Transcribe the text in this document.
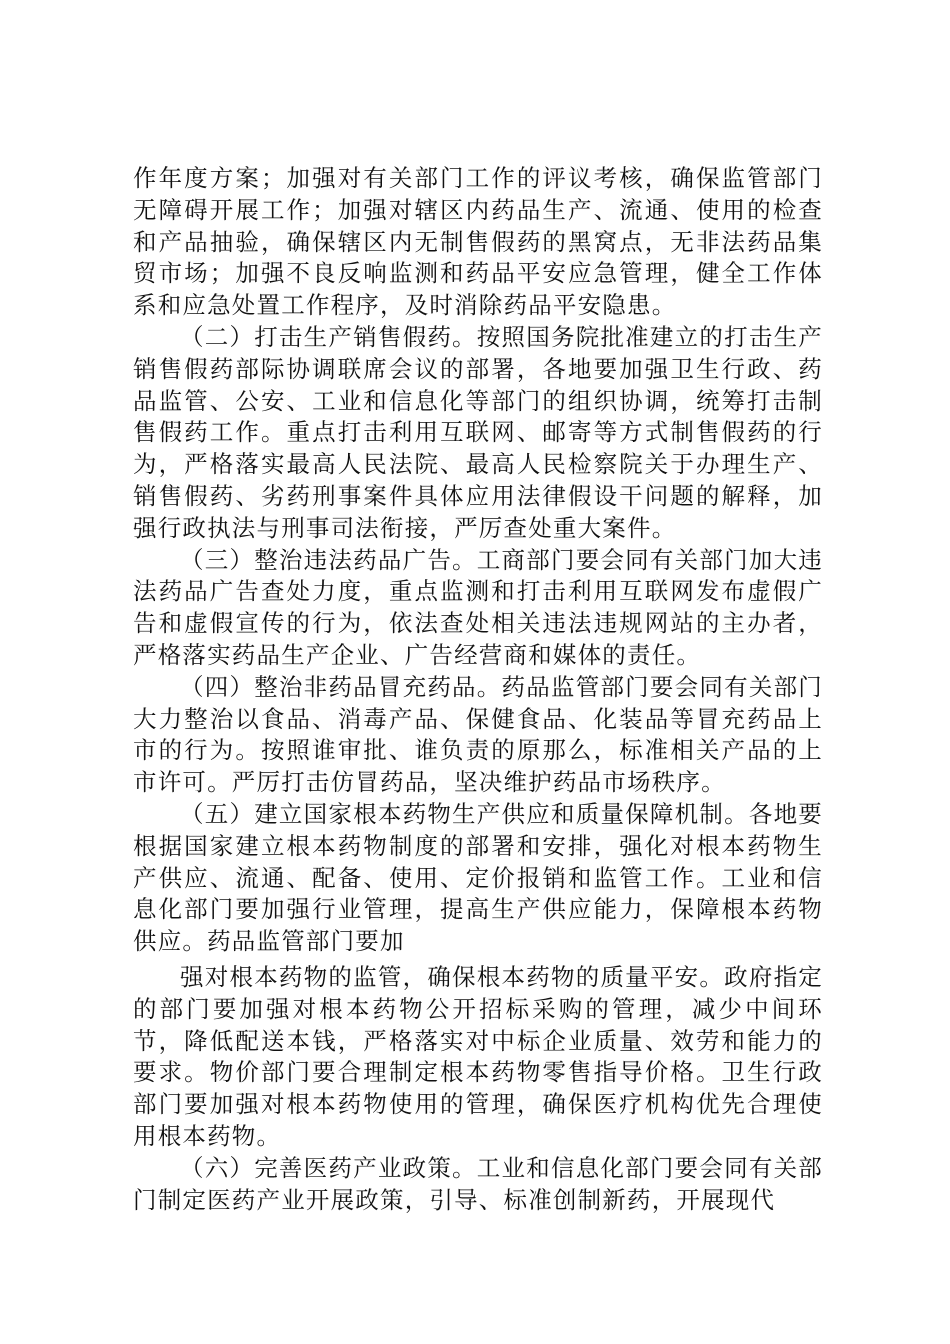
作年度方案；加强对有关部门工作的评议考核，确保监管部门无障碍开展工作；加强对辖区内药品生产、流通、使用的检查和产品抽验，确保辖区内无制售假药的黑窝点，无非法药品集贸市场；加强不良反响监测和药品平安应急管理，健全工作体系和应急处置工作程序，及时消除药品平安隐患。

（二）打击生产销售假药。按照国务院批准建立的打击生产销售假药部际协调联席会议的部署，各地要加强卫生行政、药品监管、公安、工业和信息化等部门的组织协调，统筹打击制售假药工作。重点打击利用互联网、邮寄等方式制售假药的行为，严格落实最高人民法院、最高人民检察院关于办理生产、销售假药、劣药刑事案件具体应用法律假设干问题的解释，加强行政执法与刑事司法衔接，严厉查处重大案件。

（三）整治违法药品广告。工商部门要会同有关部门加大违法药品广告查处力度，重点监测和打击利用互联网发布虚假广告和虚假宣传的行为，依法查处相关违法违规网站的主办者，严格落实药品生产企业、广告经营商和媒体的责任。

（四）整治非药品冒充药品。药品监管部门要会同有关部门大力整治以食品、消毒产品、保健食品、化装品等冒充药品上市的行为。按照谁审批、谁负责的原那么，标准相关产品的上市许可。严厉打击仿冒药品，坚决维护药品市场秩序。

（五）建立国家根本药物生产供应和质量保障机制。各地要根据国家建立根本药物制度的部署和安排，强化对根本药物生产供应、流通、配备、使用、定价报销和监管工作。工业和信息化部门要加强行业管理，提高生产供应能力，保障根本药物供应。药品监管部门要加

强对根本药物的监管，确保根本药物的质量平安。政府指定的部门要加强对根本药物公开招标采购的管理，减少中间环节，降低配送本钱，严格落实对中标企业质量、效劳和能力的要求。物价部门要合理制定根本药物零售指导价格。卫生行政部门要加强对根本药物使用的管理，确保医疗机构优先合理使用根本药物。

（六）完善医药产业政策。工业和信息化部门要会同有关部门制定医药产业开展政策，引导、标准创制新药，开展现代
